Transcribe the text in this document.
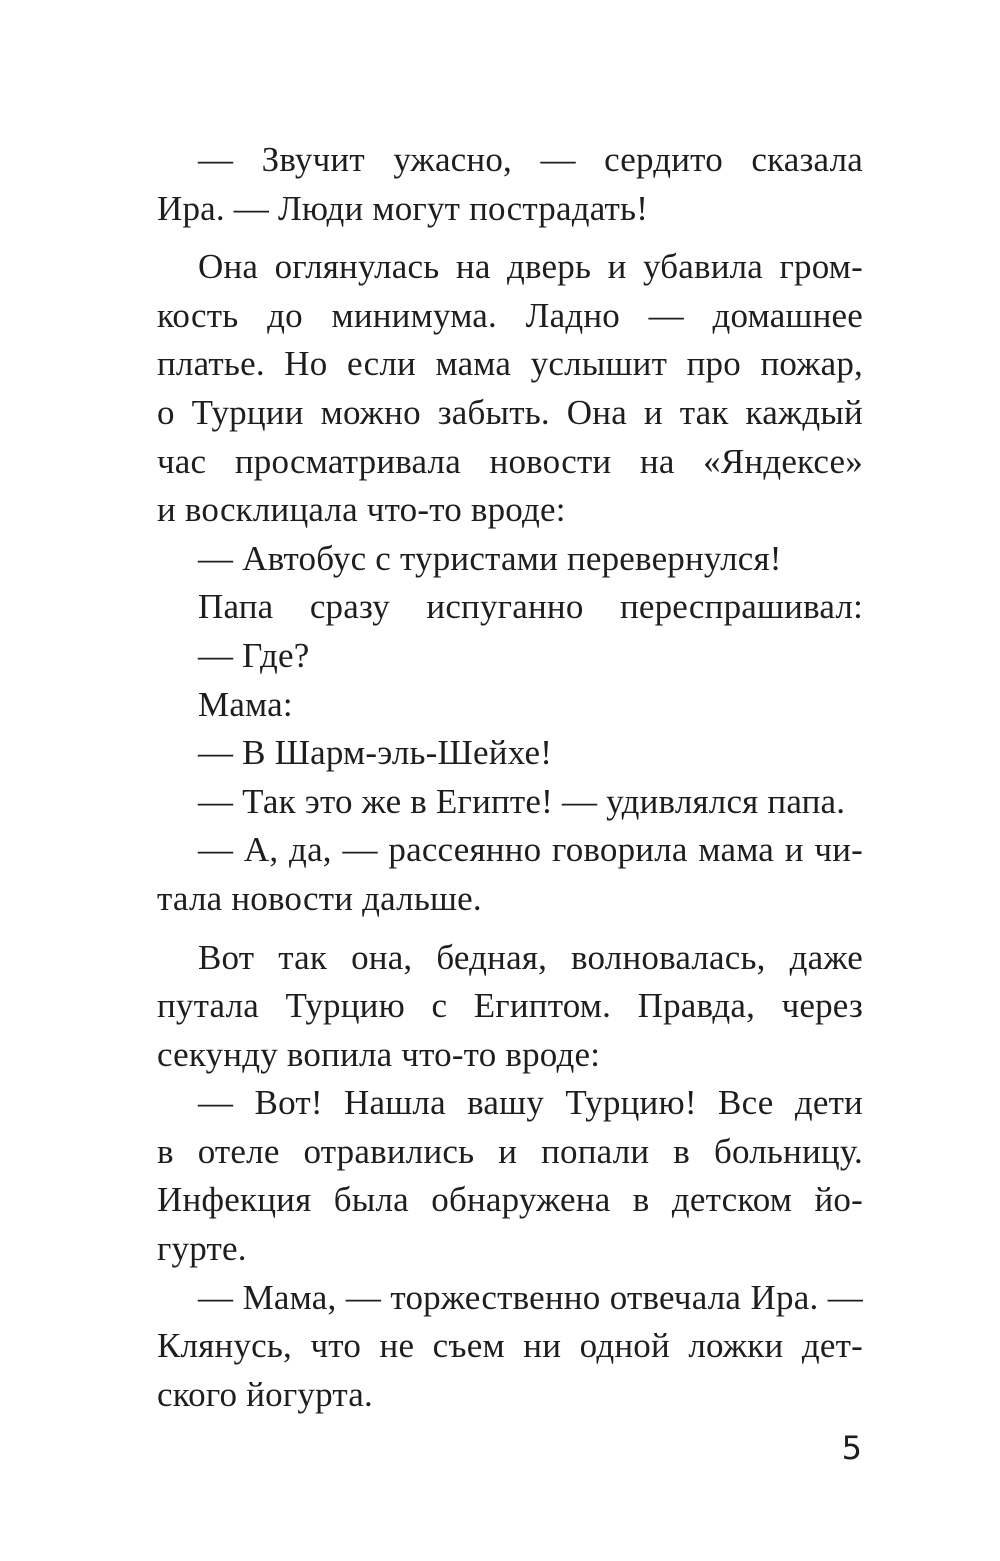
— Звучит ужасно, — сердито сказала
Ира. — Люди могут пострадать!
Она оглянулась на дверь и убавила гром-
кость до минимума. Ладно — домашнее
платье. Но если мама услышит про пожар,
о Турции можно забыть. Она и так каждый
час просматривала новости на «Яндексе»
и восклицала что-то вроде:
— Автобус с туристами перевернулся!
Папа сразу испуганно переспрашивал:
— Где?
Мама:
— В Шарм-эль-Шейхе!
— Так это же в Египте! — удивлялся папа.
— А, да, — рассеянно говорила мама и чи-
тала новости дальше.
Вот так она, бедная, волновалась, даже
путала Турцию с Египтом. Правда, через
секунду вопила что-то вроде:
— Вот! Нашла вашу Турцию! Все дети
в отеле отравились и попали в больницу.
Инфекция была обнаружена в детском йо-
гурте.
— Мама, — торжественно отвечала Ира. —
Клянусь, что не съем ни одной ложки дет-
ского йогурта.
5
